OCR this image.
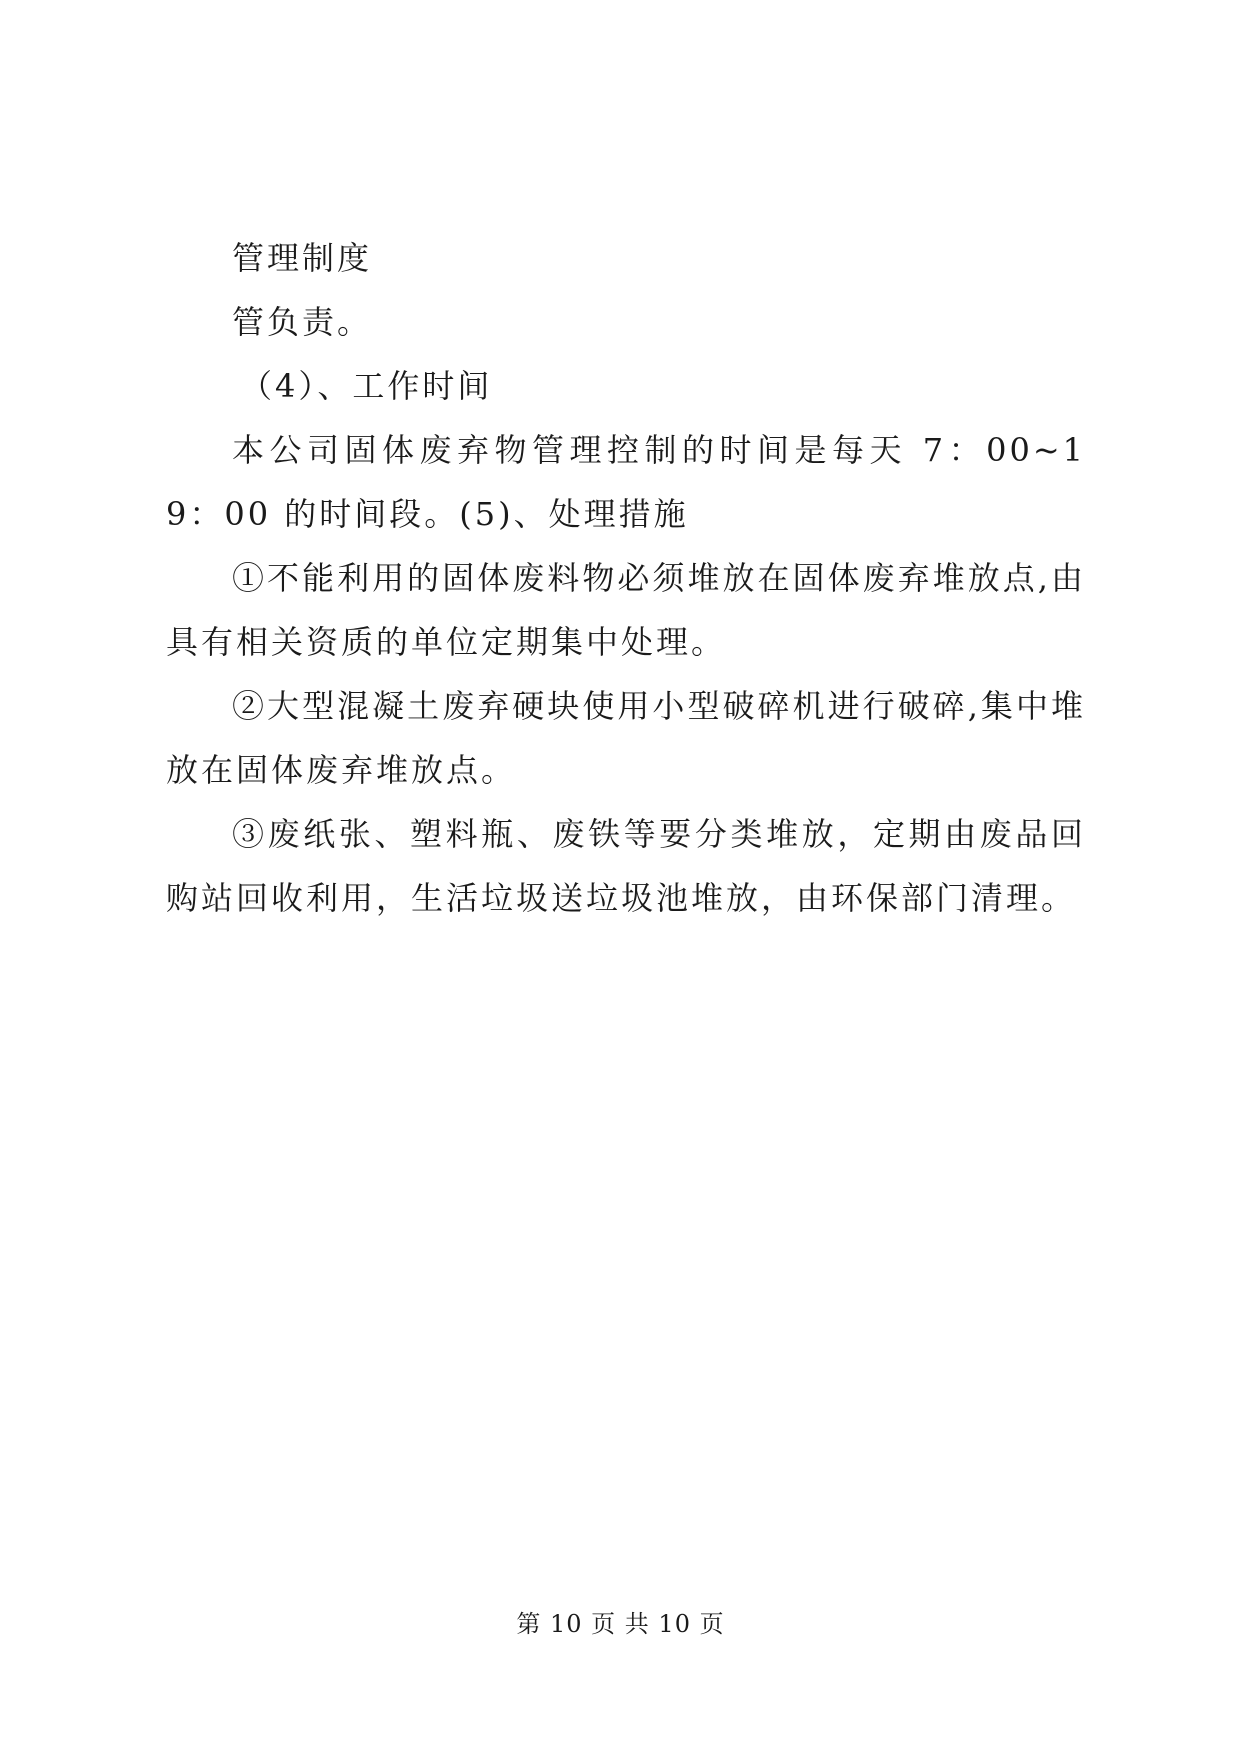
管理制度

管负责。

（4）、工作时间

本公司固体废弃物管理控制的时间是每天 7：00~19：00 的时间段。(5)、处理措施

①不能利用的固体废料物必须堆放在固体废弃堆放点,由具有相关资质的单位定期集中处理。

②大型混凝土废弃硬块使用小型破碎机进行破碎,集中堆放在固体废弃堆放点。

③废纸张、塑料瓶、废铁等要分类堆放，定期由废品回购站回收利用，生活垃圾送垃圾池堆放，由环保部门清理。

第 10 页 共 10 页
